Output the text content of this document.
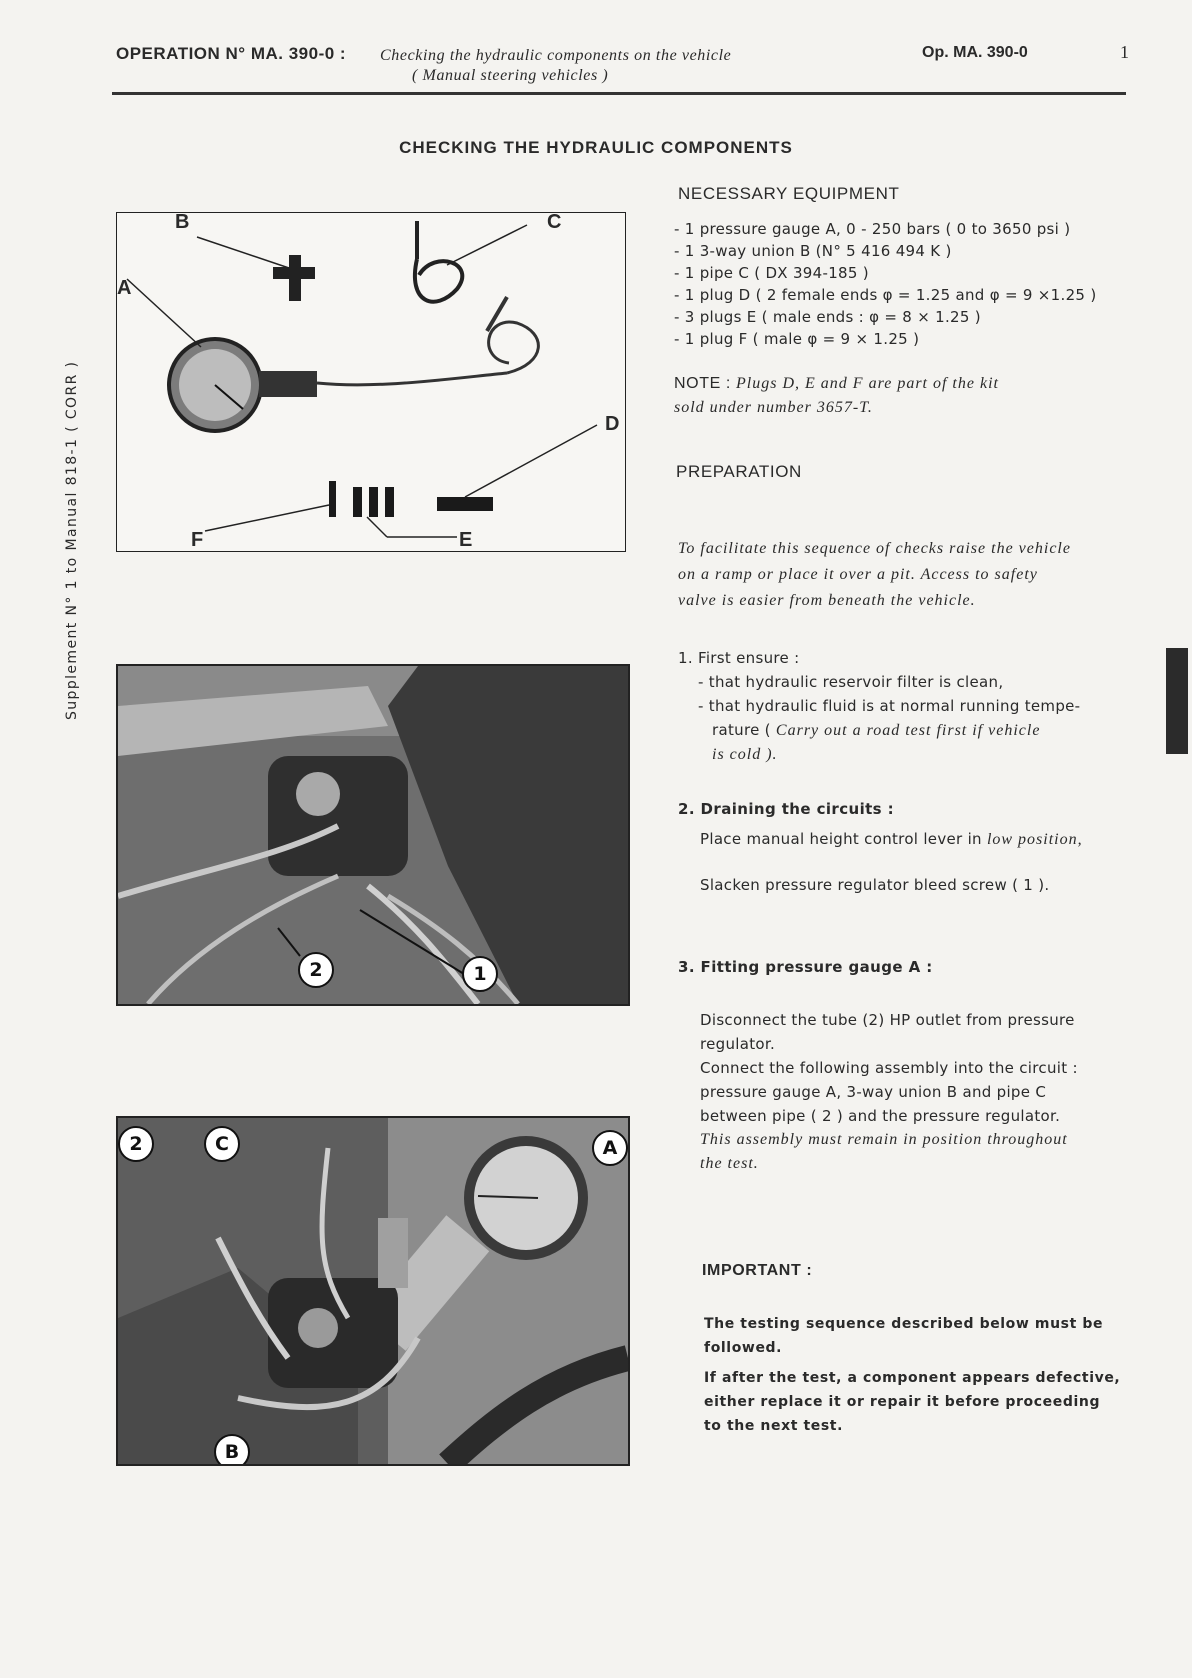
OPERATION N° MA. 390-0 : Checking the hydraulic components on the vehicle
( Manual steering vehicles )
Op. MA. 390-0	1
CHECKING THE HYDRAULIC COMPONENTS
Supplement N° 1 to Manual 818-1 ( CORR )
B	C
A
D
F	E
NECESSARY EQUIPMENT
- 1 pressure gauge A, 0 - 250 bars ( 0 to 3650 psi )
- 1 3-way union B (N° 5 416 494 K )
- 1 pipe C ( DX 394-185 )
- 1 plug D ( 2 female ends φ = 1.25 and φ = 9 ×1.25 )
- 3 plugs E ( male ends : φ = 8 × 1.25 )
- 1 plug F ( male φ = 9 × 1.25 )
NOTE : Plugs D, E and F are part of the kit
sold under number 3657-T.
PREPARATION
To facilitate this sequence of checks raise the vehicle
on a ramp or place it over a pit. Access to safety
valve is easier from beneath the vehicle.
1. First ensure :
- that hydraulic reservoir filter is clean,
- that hydraulic fluid is at normal running tempe-
rature ( Carry out a road test first if vehicle
is cold ).
2. Draining the circuits :
Place manual height control lever in low position,
Slacken pressure regulator bleed screw ( 1 ).
3. Fitting pressure gauge A :
Disconnect the tube (2) HP outlet from pressure
regulator.
Connect the following assembly into the circuit :
pressure gauge A, 3-way union B and pipe C
between pipe ( 2 ) and the pressure regulator.
This assembly must remain in position throughout
the test.
IMPORTANT :
The testing sequence described below must be
followed.
If after the test, a component appears defective,
either replace it or repair it before proceeding
to the next test.
2	1
2	C	A
B
